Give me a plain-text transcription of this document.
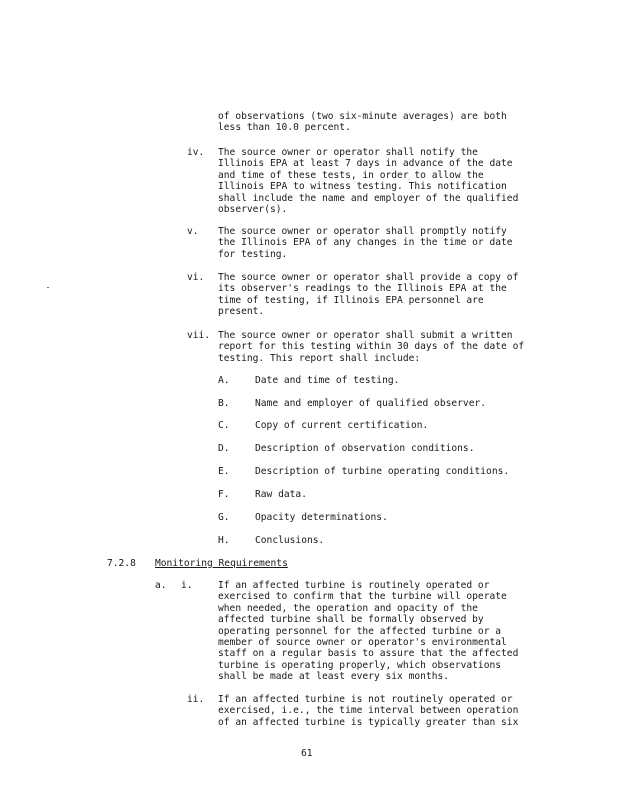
of observations (two six-minute averages) are both
less than 10.0 percent.
iv. The source owner or operator shall notify the
Illinois EPA at least 7 days in advance of the date
and time of these tests, in order to allow the
Illinois EPA to witness testing. This notification
shall include the name and employer of the qualified
observer(s).
v. The source owner or operator shall promptly notify
the Illinois EPA of any changes in the time or date
for testing.
vi. The source owner or operator shall provide a copy of
its observer's readings to the Illinois EPA at the
time of testing, if Illinois EPA personnel are
present.
vii. The source owner or operator shall submit a written
report for this testing within 30 days of the date of
testing. This report shall include:
A.	Date and time of testing.
B.	Name and employer of qualified observer.
C.	Copy of current certification.
D.	Description of observation conditions.
E.	Description of turbine operating conditions.
F.	Raw data.
G.	Opacity determinations.
H.	Conclusions.
7.2.8 Monitoring Requirements
a. i.	If an affected turbine is routinely operated or
exercised to confirm that the turbine will operate
when needed, the operation and opacity of the
affected turbine shall be formally observed by
operating personnel for the affected turbine or a
member of source owner or operator's environmental
staff on a regular basis to assure that the affected
turbine is operating properly, which observations
shall be made at least every six months.
ii. If an affected turbine is not routinely operated or
exercised, i.e., the time interval between operation
of an affected turbine is typically greater than six
61
